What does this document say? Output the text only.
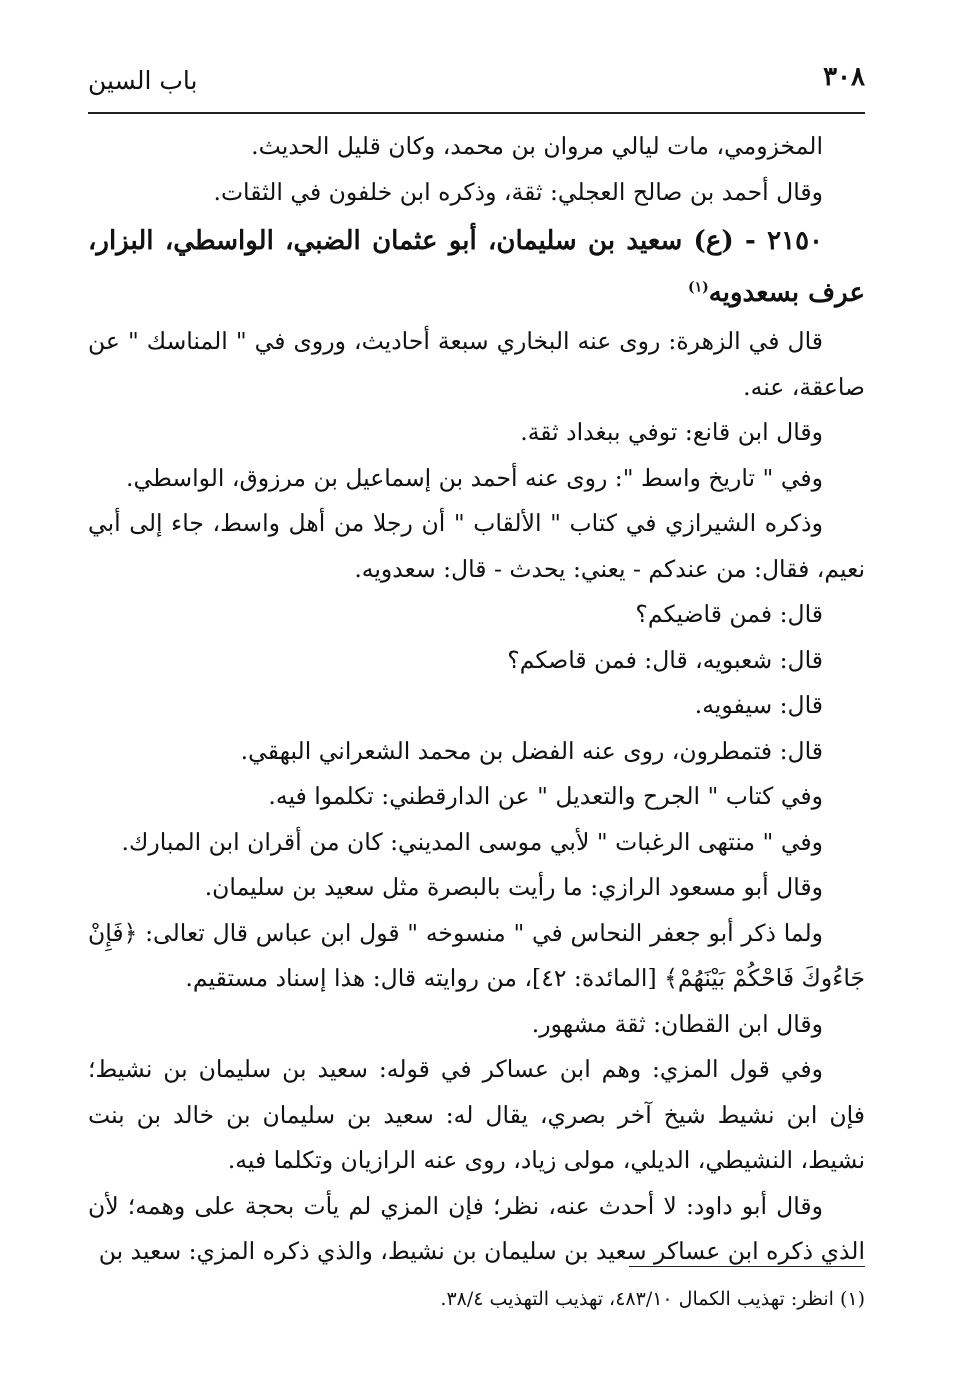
٣٠٨
باب السين

المخزومي، مات ليالي مروان بن محمد، وكان قليل الحديث.

وقال أحمد بن صالح العجلي: ثقة، وذكره ابن خلفون في الثقات.

٢١٥٠ - (ع) سعيد بن سليمان، أبو عثمان الضبي، الواسطي، البزار، عرف بسعدويه$^{(١)}$

قال في الزهرة: روى عنه البخاري سبعة أحاديث، وروى في " المناسك " عن صاعقة، عنه.

وقال ابن قانع: توفي ببغداد ثقة.

وفي " تاريخ واسط ": روى عنه أحمد بن إسماعيل بن مرزوق، الواسطي.

وذكره الشيرازي في كتاب " الألقاب " أن رجلا من أهل واسط، جاء إلى أبي نعيم، فقال: من عندكم - يعني: يحدث - قال: سعدويه.

قال: فمن قاضيكم؟

قال: شعبويه، قال: فمن قاصكم؟

قال: سيفويه.

قال: فتمطرون، روى عنه الفضل بن محمد الشعراني البهقي.

وفي كتاب " الجرح والتعديل " عن الدارقطني: تكلموا فيه.

وفي " منتهى الرغبات " لأبي موسى المديني: كان من أقران ابن المبارك.

وقال أبو مسعود الرازي: ما رأيت بالبصرة مثل سعيد بن سليمان.

ولما ذكر أبو جعفر النحاس في " منسوخه " قول ابن عباس قال تعالى: ﴿فَإِنْ جَاءُوكَ فَاحْكُمْ بَيْنَهُمْ﴾ [المائدة: ٤٢]، من روايته قال: هذا إسناد مستقيم.

وقال ابن القطان: ثقة مشهور.

وفي قول المزي: وهم ابن عساكر في قوله: سعيد بن سليمان بن نشيط؛ فإن ابن نشيط شيخ آخر بصري، يقال له: سعيد بن سليمان بن خالد بن بنت نشيط، النشيطي، الديلي، مولى زياد، روى عنه الرازيان وتكلما فيه.

وقال أبو داود: لا أحدث عنه، نظر؛ فإن المزي لم يأت بحجة على وهمه؛ لأن الذي ذكره ابن عساكر سعيد بن سليمان بن نشيط، والذي ذكره المزي: سعيد بن

(١) انظر: تهذيب الكمال ٤٨٣/١٠، تهذيب التهذيب ٣٨/٤.
